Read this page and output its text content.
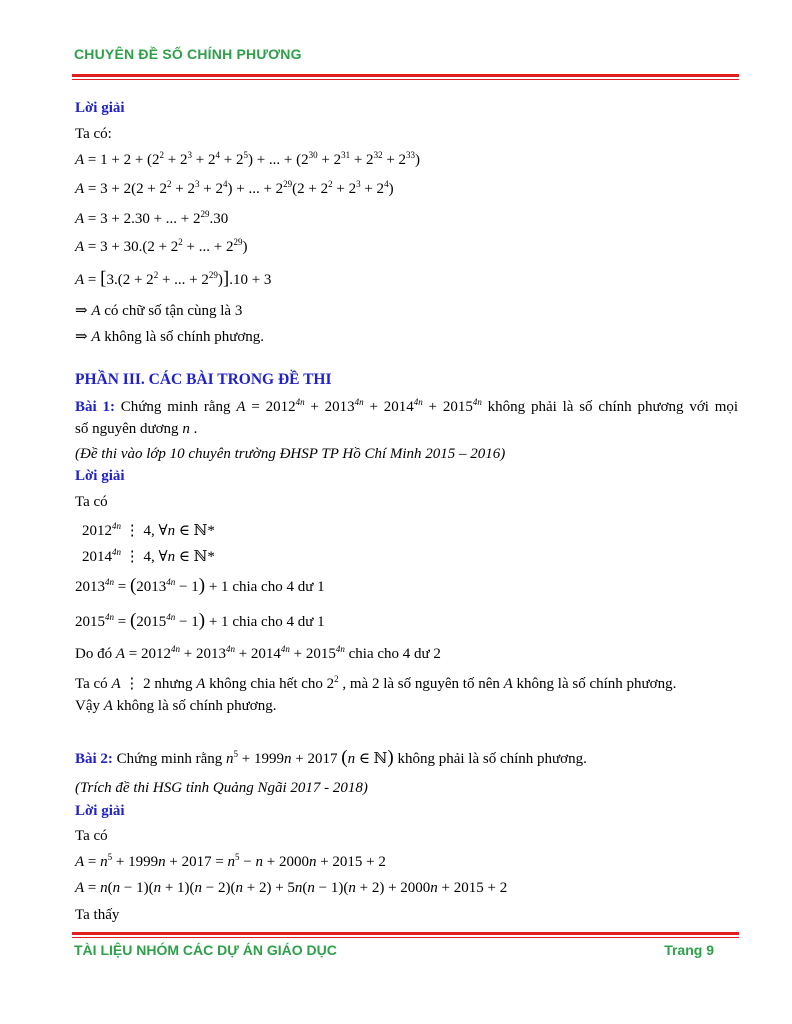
CHUYÊN ĐỀ SỐ CHÍNH PHƯƠNG
Lời giải
Ta có:
$A = 1 + 2 + (2^2 + 2^3 + 2^4 + 2^5)$ + ... + $(2^{30} + 2^{31} + 2^{32} + 2^{33})$
$A = 3 + 2(2 + 2^2 + 2^3 + 2^4)$ + ... + $2^{29}(2 + 2^2 + 2^3 + 2^4)$
A = 3 + 2.30 + ... + $2^{29}.30$
$A = 3 + 30.(2 + 2^2$ + ... + $2^{29}$)
$A = [3.(2 + 2^2$ + ... + $2^{29})].10 + 3$
⇒ A có chữ số tận cùng là 3
⇒ A không là số chính phương.
PHẦN III. CÁC BÀI TRONG ĐỀ THI
Bài 1: Chứng minh rằng $A = 2012^{4n} + 2013^{4n} + 2014^{4n} + 2015^{4n}$ không phải là số chính phương với mọi
số nguyên dương n .
(Đề thi vào lớp 10 chuyên trường ĐHSP TP Hồ Chí Minh 2015 – 2016)
Lời giải
Ta có
$2012^{4n}$ ⋮ 4, ∀n ∈ ℕ*
$2014^{4n}$ ⋮ 4, ∀n ∈ ℕ*
$2013^{4n} = (2013^{4n} - 1) + 1$ chia cho 4 dư 1
$2015^{4n} = (2015^{4n} - 1) + 1$ chia cho 4 dư 1
Do đó $A = 2012^{4n} + 2013^{4n} + 2014^{4n} + 2015^{4n}$ chia cho 4 dư 2
Ta có A ⋮ 2 nhưng A không chia hết cho $2^2$ , mà 2 là số nguyên tố nên A không là số chính phương.
Vậy A không là số chính phương.
Bài 2: Chứng minh rằng $n^5 + 1999n + 2017$ (n ∈ ℕ) không phải là số chính phương.
(Trích đề thi HSG tỉnh Quảng Ngãi 2017 - 2018)
Lời giải
Ta có
$A = n^5 + 1999n + 2017 = n^5 - n + 2000n + 2015 + 2$
A = n(n − 1)(n + 1)(n − 2)(n + 2) + 5n(n − 1)(n + 2) + 2000n + 2015 + 2
Ta thấy
TÀI LIỆU NHÓM CÁC DỰ ÁN GIÁO DỤC	Trang 9
